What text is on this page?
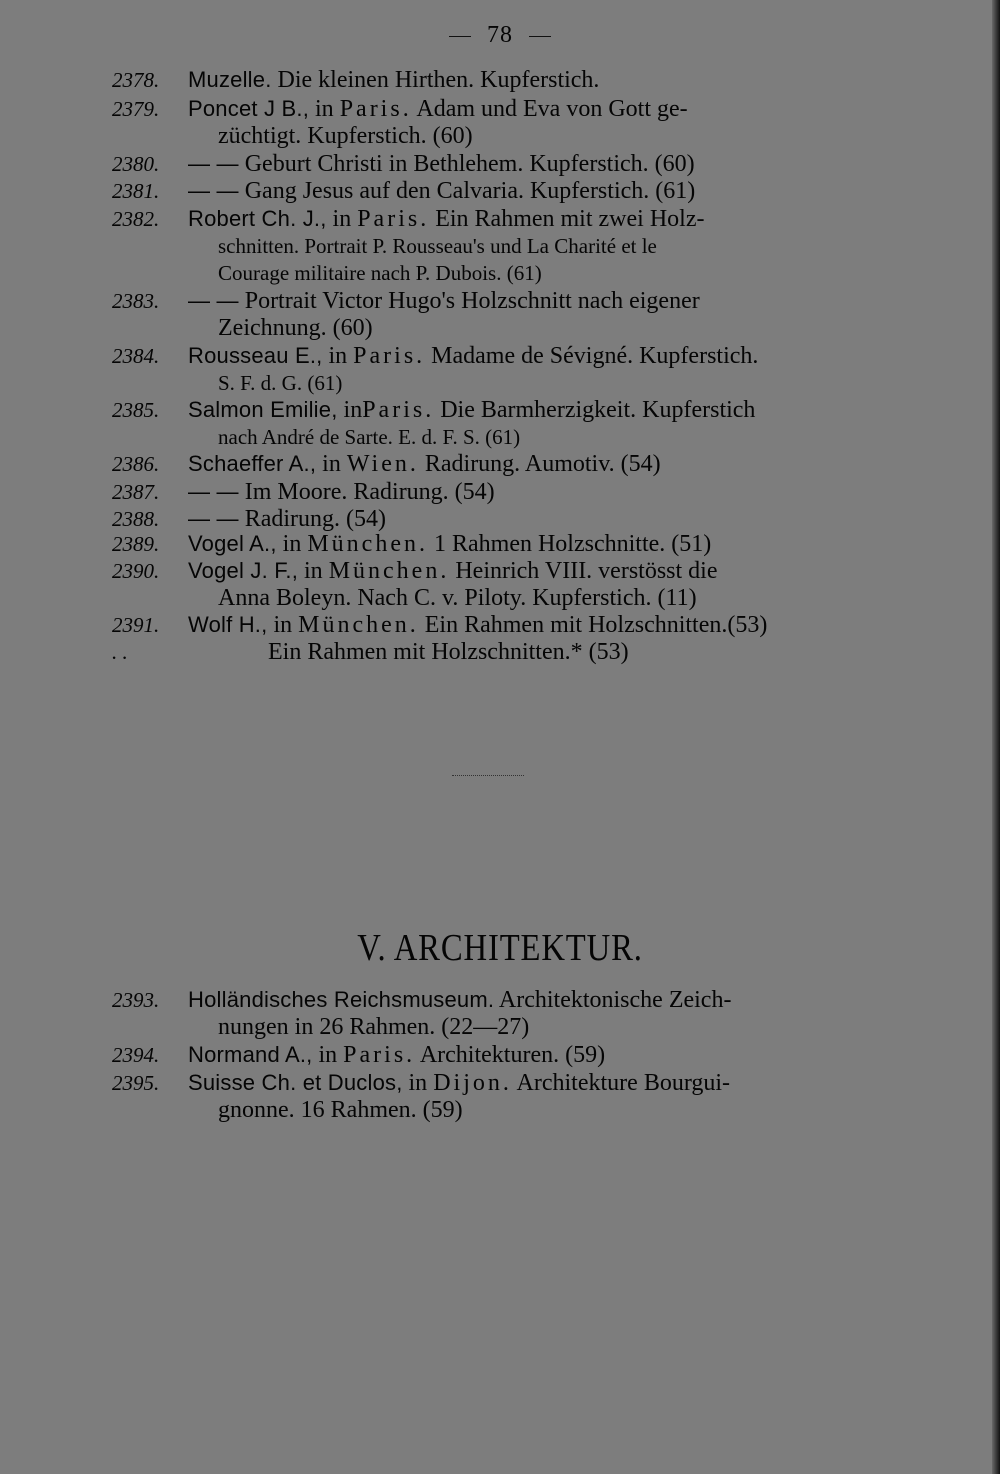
78
2378. Muzelle. Die kleinen Hirthen. Kupferstich.
2379. Poncet J B., in Paris. Adam und Eva von Gott ge-
züchtigt. Kupferstich. (60)
2380. — — Geburt Christi in Bethlehem. Kupferstich. (60)
2381. — — Gang Jesus auf den Calvaria. Kupferstich. (61)
2382. Robert Ch. J., in Paris. Ein Rahmen mit zwei Holz-
schnitten. Portrait P. Rousseau's und La Charité et le
Courage militaire nach P. Dubois. (61)
2383. — — Portrait Victor Hugo's Holzschnitt nach eigener
Zeichnung. (60)
2384. Rousseau E., in Paris. Madame de Sévigné. Kupferstich.
S. F. d. G. (61)
2385. Salmon Emilie, inParis. Die Barmherzigkeit. Kupferstich
nach André de Sarte. E. d. F. S. (61)
2386. Schaeffer A., in Wien. Radirung. Aumotiv. (54)
2387. — — Im Moore. Radirung. (54)
2388. — — Radirung. (54)
2389. Vogel A., in München. 1 Rahmen Holzschnitte. (51)
2390. Vogel J. F., in München. Heinrich VIII. verstösst die
Anna Boleyn. Nach C. v. Piloty. Kupferstich. (11)
2391. Wolf H., in München. Ein Rahmen mit Holzschnitten.(53)
. .	Ein Rahmen mit Holzschnitten.* (53)
V. ARCHITEKTUR.
2393. Holländisches Reichsmuseum. Architektonische Zeich-
nungen in 26 Rahmen. (22—27)
2394. Normand A., in Paris. Architekturen. (59)
2395. Suisse Ch. et Duclos, in Dijon. Architekture Bourgui-
gnonne. 16 Rahmen. (59)
